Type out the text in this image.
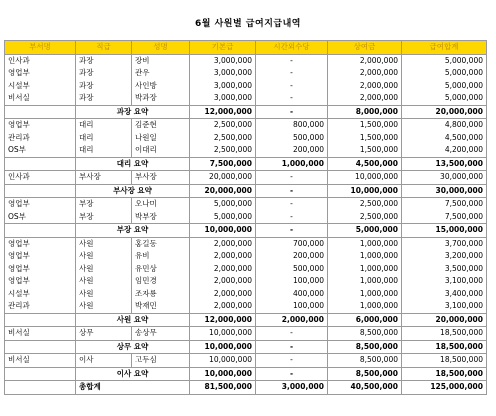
6월 사원별 급여지급내역
부서명	직급	성명	기본급	시간외수당	상여금	급여합계
인사과	과장	장비	3,000,000	-	2,000,000	5,000,000
영업부	과장	관우	3,000,000	-	2,000,000	5,000,000
시설부	과장	사인방	3,000,000	-	2,000,000	5,000,000
비서실	과장	박과장	3,000,000	-	2,000,000	5,000,000
	과장 요약		12,000,000	-	8,000,000	20,000,000
영업부	대리	김준현	2,500,000	800,000	1,500,000	4,800,000
관리과	대리	나원일	2,500,000	500,000	1,500,000	4,500,000
OS부	대리	이대리	2,500,000	200,000	1,500,000	4,200,000
	대리 요약		7,500,000	1,000,000	4,500,000	13,500,000
인사과	부사장	부사장	20,000,000	-	10,000,000	30,000,000
	부사장 요약		20,000,000	-	10,000,000	30,000,000
영업부	부장	오나미	5,000,000	-	2,500,000	7,500,000
OS부	부장	박부장	5,000,000	-	2,500,000	7,500,000
	부장 요약		10,000,000	-	5,000,000	15,000,000
영업부	사원	홍길동	2,000,000	700,000	1,000,000	3,700,000
영업부	사원	유비	2,000,000	200,000	1,000,000	3,200,000
영업부	사원	유민상	2,000,000	500,000	1,000,000	3,500,000
영업부	사원	임민경	2,000,000	100,000	1,000,000	3,100,000
시설부	사원	조자룡	2,000,000	400,000	1,000,000	3,400,000
관리과	사원	박재민	2,000,000	100,000	1,000,000	3,100,000
	사원 요약		12,000,000	2,000,000	6,000,000	20,000,000
비서실	상무	송상무	10,000,000	-	8,500,000	18,500,000
	상무 요약		10,000,000	-	8,500,000	18,500,000
비서실	이사	고두심	10,000,000	-	8,500,000	18,500,000
	이사 요약		10,000,000	-	8,500,000	18,500,000
	총합계		81,500,000	3,000,000	40,500,000	125,000,000
